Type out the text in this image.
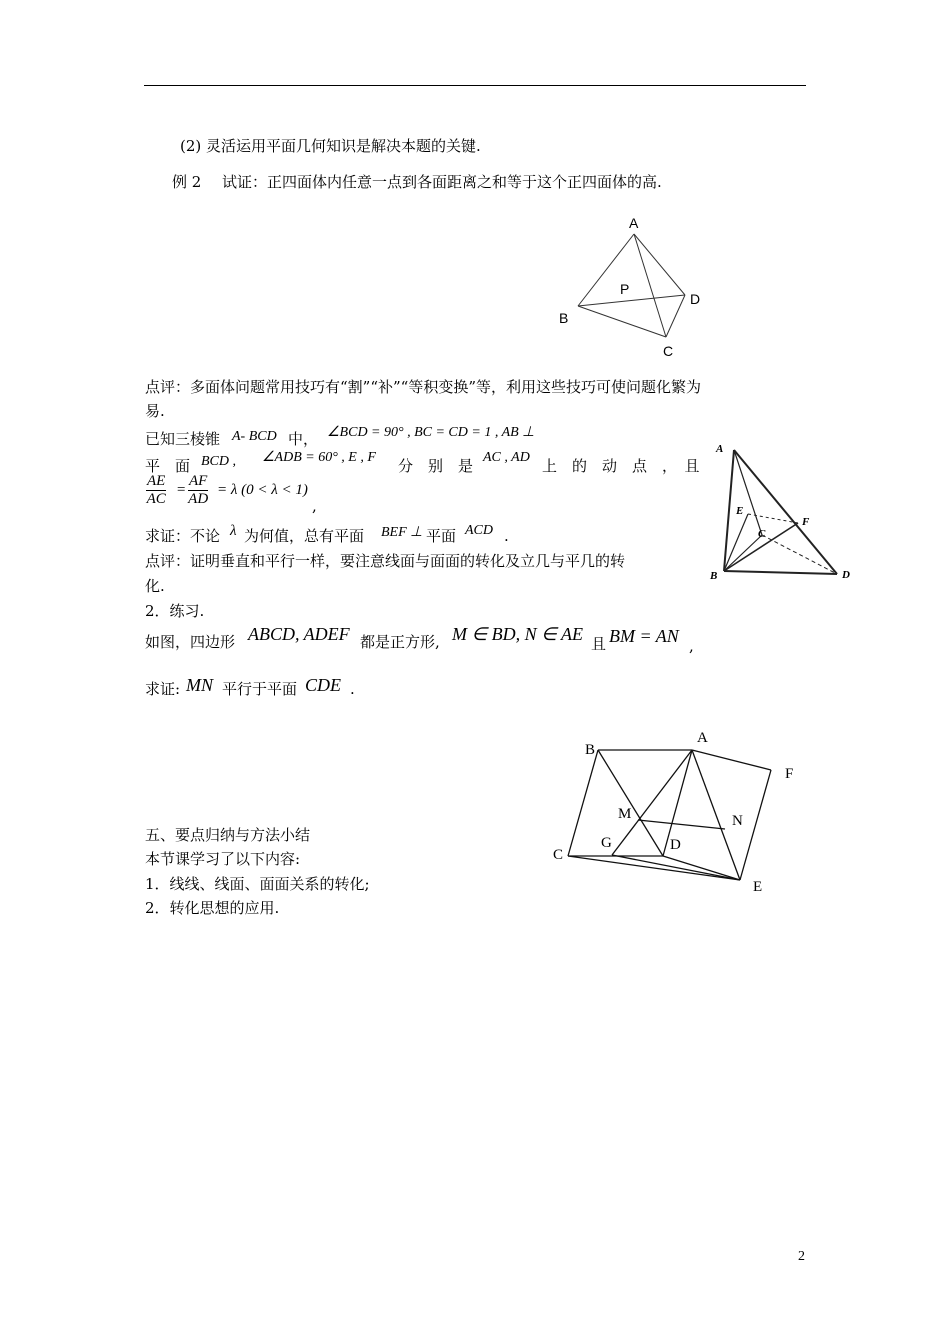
(2) 灵活运用平面几何知识是解决本题的关键.
例 2 试证：正四面体内任意一点到各面距离之和等于这个正四面体的高.
点评：多面体问题常用技巧有“割”“补”“等积变换”等，利用这些技巧可使问题化繁为
易.
已知三棱锥 A- BCD 中， ∠BCD = 90° , BC = CD = 1 , AB ⊥
平　面 BCD , ∠ADB = 60° , E , F 分　别　是 AC , AD 上　的　动　点　，　且
$\frac{AE}{AC} = \frac{AF}{AD} = \lambda$ (0 < λ < 1)
,
求证：不论 λ 为何值，总有平面 BEF ⊥ 平面 ACD .
点评：证明垂直和平行一样，要注意线面与面面的转化及立几与平几的转
化.
2．练习.
如图，四边形 ABCD, ADEF 都是正方形, M ∈ BD, N ∈ AE 且 BM = AN ,
求证: MN 平行于平面 CDE .
五、要点归纳与方法小结
本节课学习了以下内容:
1．线线、线面、面面关系的转化;
2．转化思想的应用.
A
P
D
B
C
A
E
F
C
B	D
B
A
F
M	N
G	D
C
E
2
